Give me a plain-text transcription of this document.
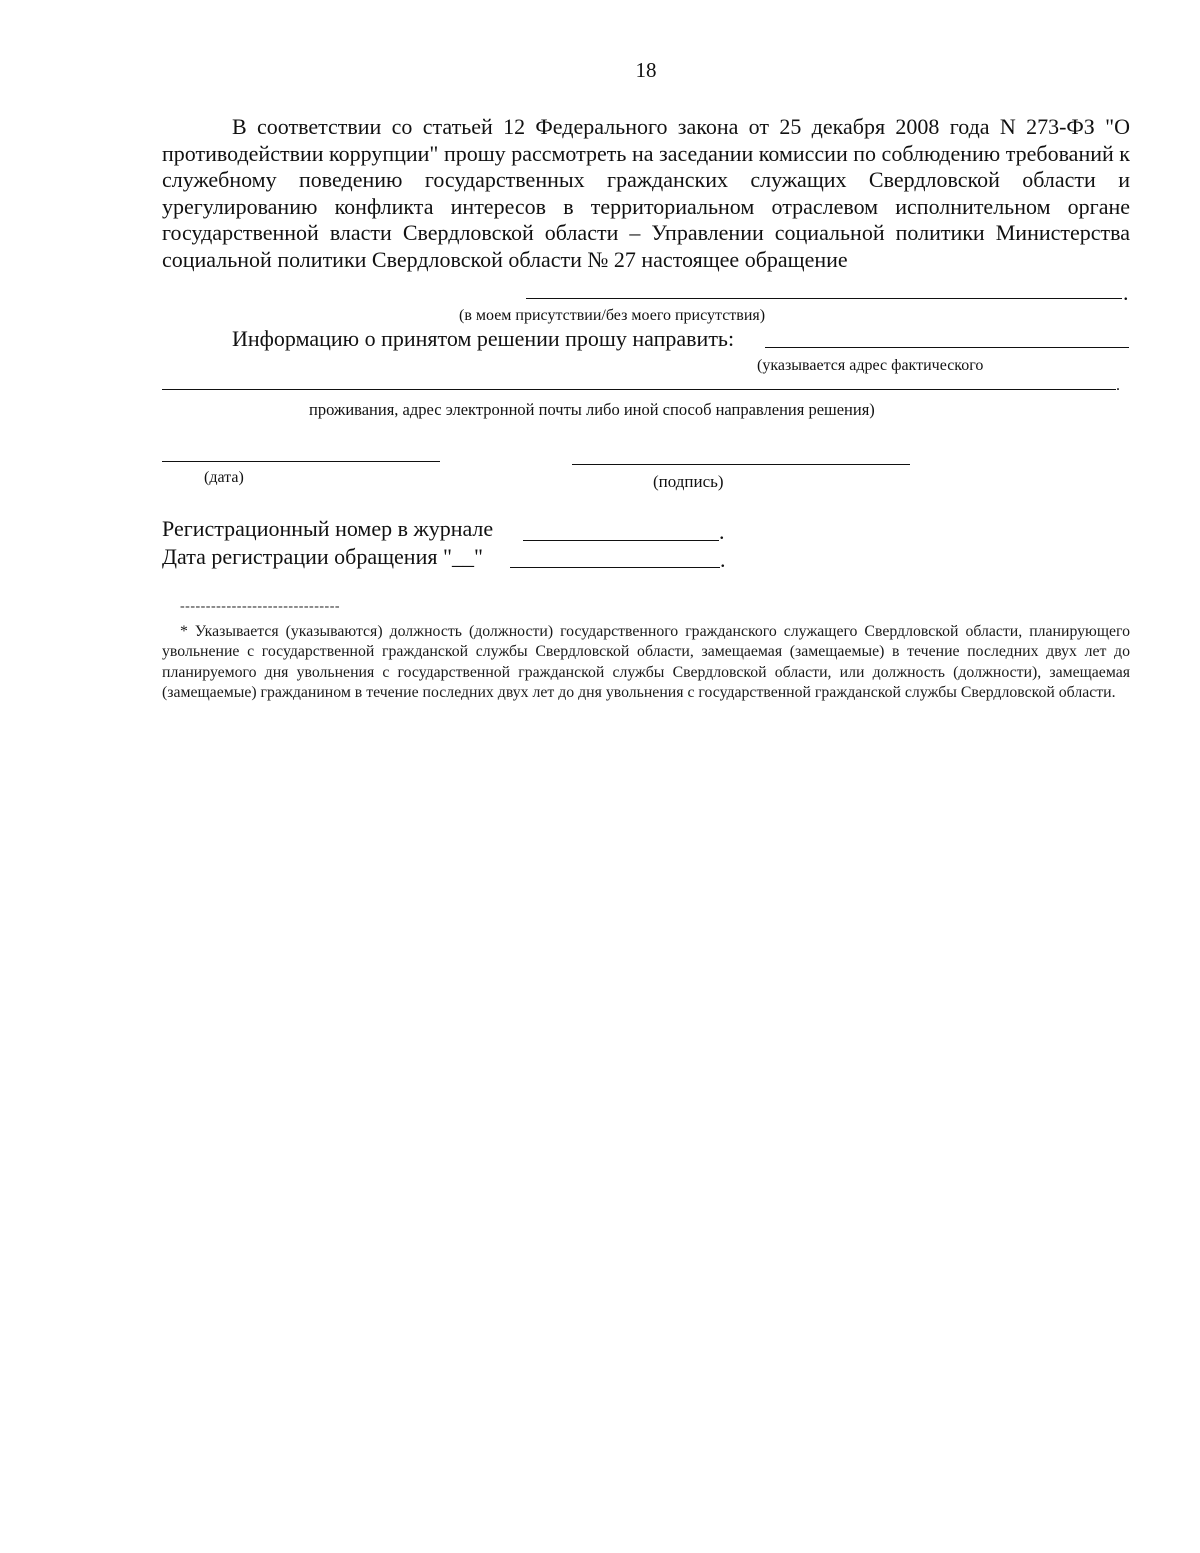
18
В соответствии со статьей 12 Федерального закона от 25 декабря 2008 года N 273-ФЗ "О противодействии коррупции" прошу рассмотреть на заседании комиссии по соблюдению требований к служебному поведению государственных гражданских служащих Свердловской области и урегулированию конфликта интересов в территориальном отраслевом исполнительном органе государственной власти Свердловской области – Управлении социальной политики Министерства социальной политики Свердловской области № 27 настоящее обращение
.
(в моем присутствии/без моего присутствия)
Информацию о принятом решении прошу направить:
(указывается адрес фактического
.
проживания, адрес электронной почты либо иной способ направления решения)
(дата)	(подпись)
Регистрационный номер в журнале	.
Дата регистрации обращения "__"	.
-------------------------------
* Указывается (указываются) должность (должности) государственного гражданского служащего Свердловской области, планирующего увольнение с государственной гражданской службы Свердловской области, замещаемая (замещаемые) в течение последних двух лет до планируемого дня увольнения с государственной гражданской службы Свердловской области, или должность (должности), замещаемая (замещаемые) гражданином в течение последних двух лет до дня увольнения с государственной гражданской службы Свердловской области.
